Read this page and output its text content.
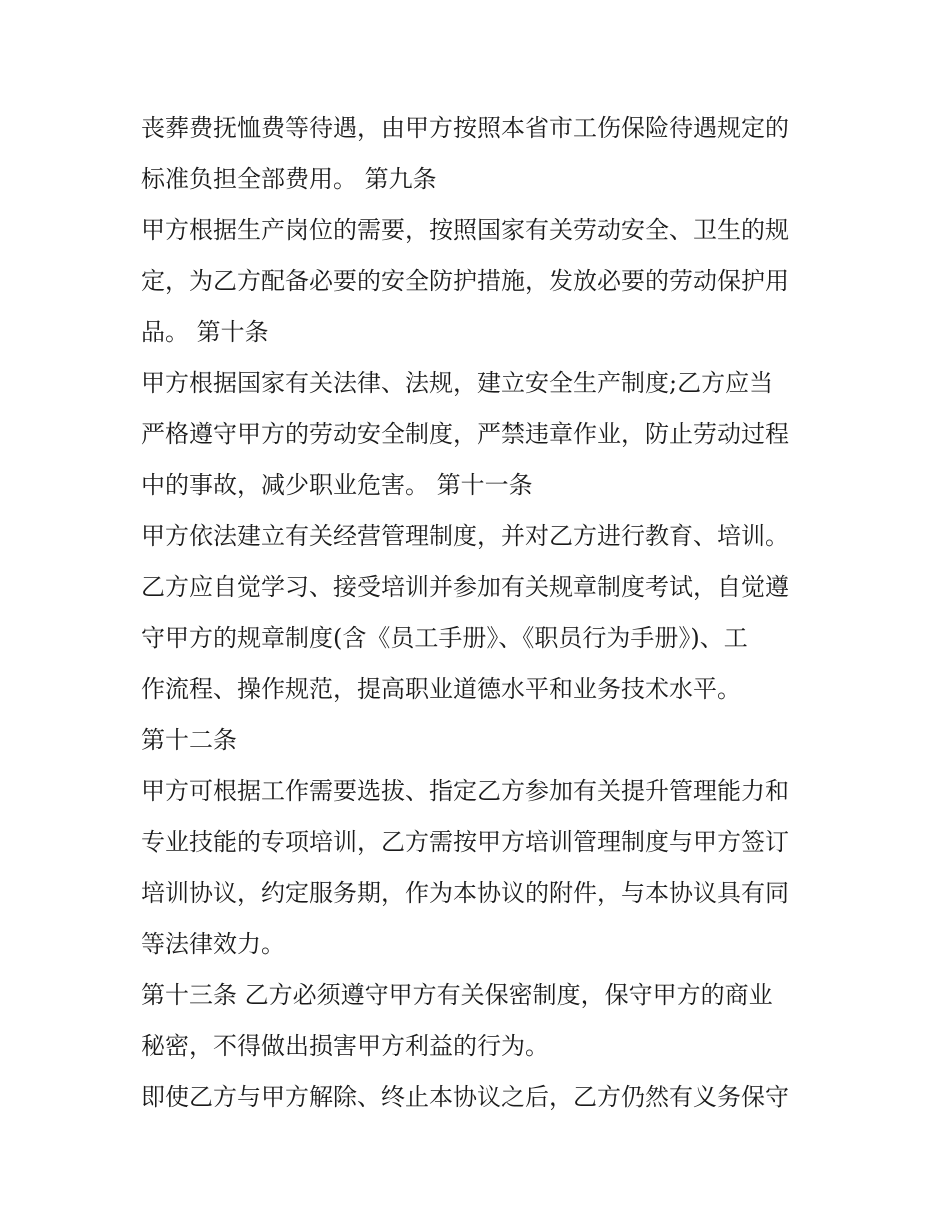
丧葬费抚恤费等待遇，由甲方按照本省市工伤保险待遇规定的
标准负担全部费用。 第九条
甲方根据生产岗位的需要，按照国家有关劳动安全、卫生的规
定，为乙方配备必要的安全防护措施，发放必要的劳动保护用
品。 第十条
甲方根据国家有关法律、法规，建立安全生产制度;乙方应当
严格遵守甲方的劳动安全制度，严禁违章作业，防止劳动过程
中的事故，减少职业危害。 第十一条
甲方依法建立有关经营管理制度，并对乙方进行教育、培训。
乙方应自觉学习、接受培训并参加有关规章制度考试，自觉遵
守甲方的规章制度(含《员工手册》、《职员行为手册》)、工
作流程、操作规范，提高职业道德水平和业务技术水平。
第十二条
甲方可根据工作需要选拔、指定乙方参加有关提升管理能力和
专业技能的专项培训，乙方需按甲方培训管理制度与甲方签订
培训协议，约定服务期，作为本协议的附件，与本协议具有同
等法律效力。
第十三条 乙方必须遵守甲方有关保密制度，保守甲方的商业
秘密，不得做出损害甲方利益的行为。
即使乙方与甲方解除、终止本协议之后，乙方仍然有义务保守
